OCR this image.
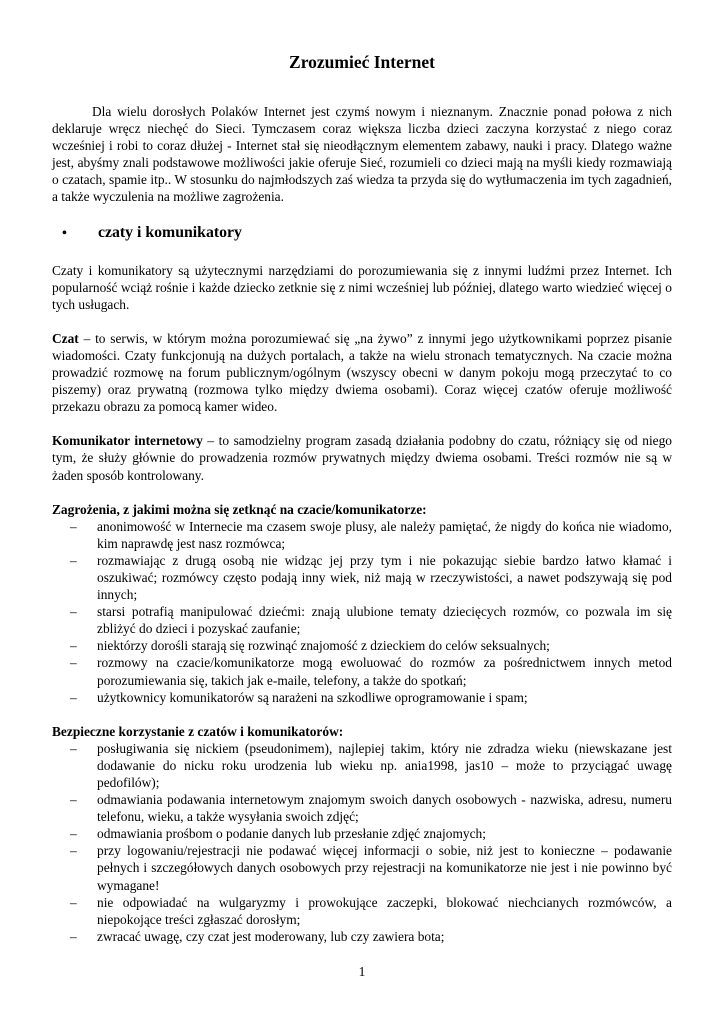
Zrozumieć Internet

Dla wielu dorosłych Polaków Internet jest czymś nowym i nieznanym. Znacznie ponad połowa z nich deklaruje wręcz niechęć do Sieci. Tymczasem coraz większa liczba dzieci zaczyna korzystać z niego coraz wcześniej i robi to coraz dłużej - Internet stał się nieodłącznym elementem zabawy, nauki i pracy. Dlatego ważne jest, abyśmy znali podstawowe możliwości jakie oferuje Sieć, rozumieli co dzieci mają na myśli kiedy rozmawiają o czatach, spamie itp.. W stosunku do najmłodszych zaś wiedza ta przyda się do wytłumaczenia im tych zagadnień, a także wyczulenia na możliwe zagrożenia.

•	czaty i komunikatory

Czaty i komunikatory są użytecznymi narzędziami do porozumiewania się z innymi ludźmi przez Internet. Ich popularność wciąż rośnie i każde dziecko zetknie się z nimi wcześniej lub później, dlatego warto wiedzieć więcej o tych usługach.

Czat – to serwis, w którym można porozumiewać się „na żywo” z innymi jego użytkownikami poprzez pisanie wiadomości. Czaty funkcjonują na dużych portalach, a także na wielu stronach tematycznych. Na czacie można prowadzić rozmowę na forum publicznym/ogólnym (wszyscy obecni w danym pokoju mogą przeczytać to co piszemy) oraz prywatną (rozmowa tylko między dwiema osobami). Coraz więcej czatów oferuje możliwość przekazu obrazu za pomocą kamer wideo.

Komunikator internetowy – to samodzielny program zasadą działania podobny do czatu, różniący się od niego tym, że służy głównie do prowadzenia rozmów prywatnych między dwiema osobami. Treści rozmów nie są w żaden sposób kontrolowany.

Zagrożenia, z jakimi można się zetknąć na czacie/komunikatorze:
– anonimowość w Internecie ma czasem swoje plusy, ale należy pamiętać, że nigdy do końca nie wiadomo, kim naprawdę jest nasz rozmówca;
– rozmawiając z drugą osobą nie widząc jej przy tym i nie pokazując siebie bardzo łatwo kłamać i oszukiwać; rozmówcy często podają inny wiek, niż mają w rzeczywistości, a nawet podszywają się pod innych;
– starsi potrafią manipulować dziećmi: znają ulubione tematy dziecięcych rozmów, co pozwala im się zbliżyć do dzieci i pozyskać zaufanie;
– niektórzy dorośli starają się rozwinąć znajomość z dzieckiem do celów seksualnych;
– rozmowy na czacie/komunikatorze mogą ewoluować do rozmów za pośrednictwem innych metod porozumiewania się, takich jak e-maile, telefony, a także do spotkań;
– użytkownicy komunikatorów są narażeni na szkodliwe oprogramowanie i spam;
Bezpieczne korzystanie z czatów i komunikatorów:
– posługiwania się nickiem (pseudonimem), najlepiej takim, który nie zdradza wieku (niewskazane jest dodawanie do nicku roku urodzenia lub wieku np. ania1998, jas10 – może to przyciągać uwagę pedofilów);
– odmawiania podawania internetowym znajomym swoich danych osobowych - nazwiska, adresu, numeru telefonu, wieku, a także wysyłania swoich zdjęć;
– odmawiania prośbom o podanie danych lub przesłanie zdjęć znajomych;
– przy logowaniu/rejestracji nie podawać więcej informacji o sobie, niż jest to konieczne – podawanie pełnych i szczegółowych danych osobowych przy rejestracji na komunikatorze nie jest i nie powinno być wymagane!
– nie odpowiadać na wulgaryzmy i prowokujące zaczepki, blokować niechcianych rozmówców, a niepokojące treści zgłaszać dorosłym;
– zwracać uwagę, czy czat jest moderowany, lub czy zawiera bota;
1
